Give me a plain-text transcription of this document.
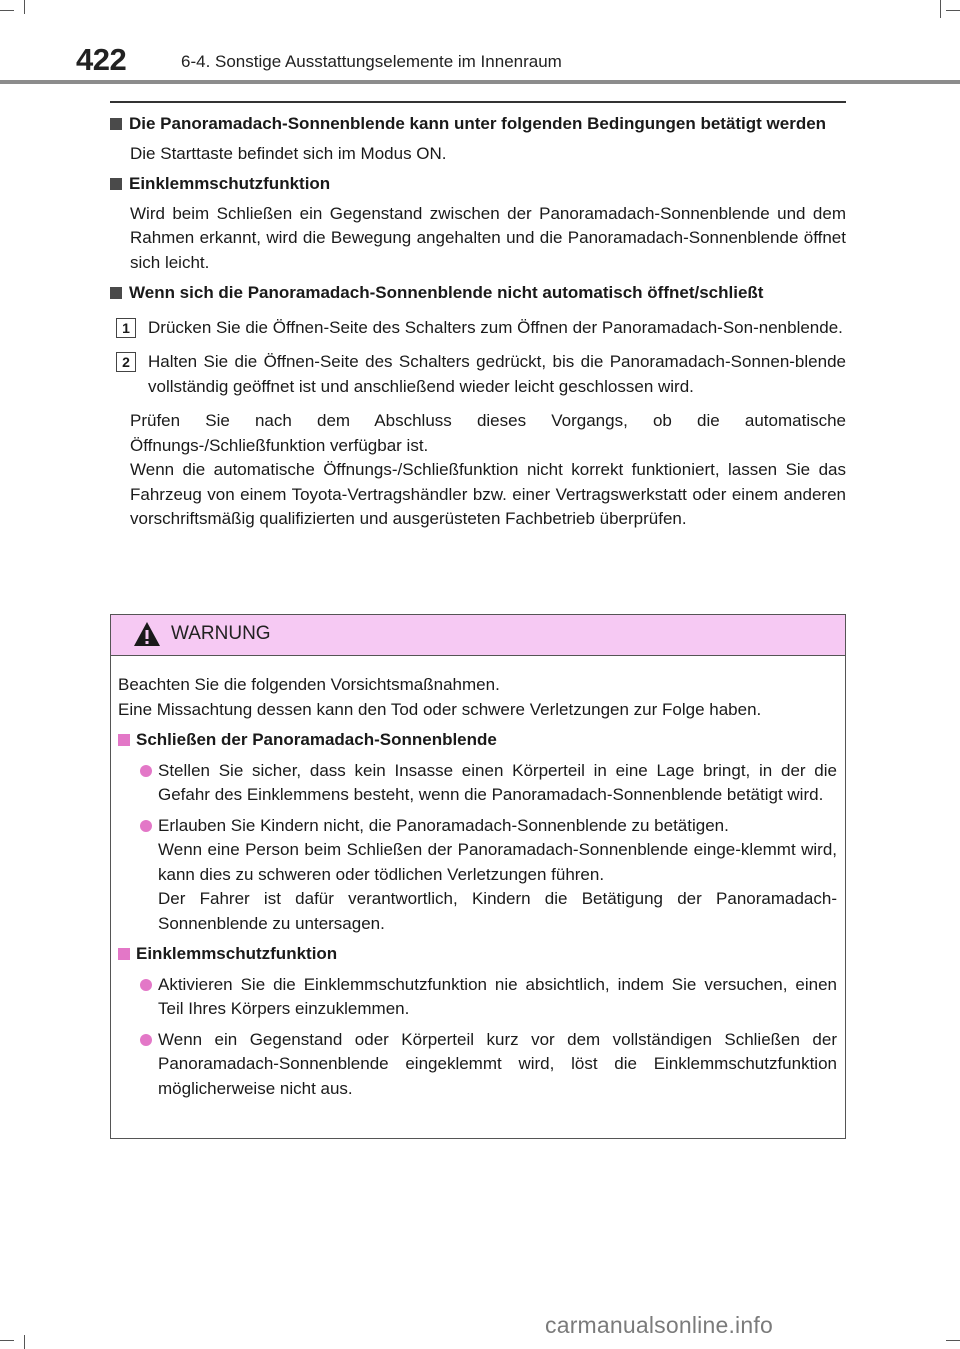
422	6-4. Sonstige Ausstattungselemente im Innenraum
Die Panoramadach-Sonnenblende kann unter folgenden Bedingungen betätigt werden
Die Starttaste befindet sich im Modus ON.
Einklemmschutzfunktion
Wird beim Schließen ein Gegenstand zwischen der Panoramadach-Sonnenblende und dem Rahmen erkannt, wird die Bewegung angehalten und die Panoramadach-Sonnenblende öffnet sich leicht.
Wenn sich die Panoramadach-Sonnenblende nicht automatisch öffnet/schließt
1	Drücken Sie die Öffnen-Seite des Schalters zum Öffnen der Panoramadach-Son-nenblende.
2	Halten Sie die Öffnen-Seite des Schalters gedrückt, bis die Panoramadach-Sonnen-blende vollständig geöffnet ist und anschließend wieder leicht geschlossen wird.
Prüfen Sie nach dem Abschluss dieses Vorgangs, ob die automatische Öffnungs-/Schließfunktion verfügbar ist.
Wenn die automatische Öffnungs-/Schließfunktion nicht korrekt funktioniert, lassen Sie das Fahrzeug von einem Toyota-Vertragshändler bzw. einer Vertragswerkstatt oder einem anderen vorschriftsmäßig qualifizierten und ausgerüsteten Fachbetrieb überprüfen.
WARNUNG
Beachten Sie die folgenden Vorsichtsmaßnahmen.
Eine Missachtung dessen kann den Tod oder schwere Verletzungen zur Folge haben.
Schließen der Panoramadach-Sonnenblende
Stellen Sie sicher, dass kein Insasse einen Körperteil in eine Lage bringt, in der die Gefahr des Einklemmens besteht, wenn die Panoramadach-Sonnenblende betätigt wird.
Erlauben Sie Kindern nicht, die Panoramadach-Sonnenblende zu betätigen.
Wenn eine Person beim Schließen der Panoramadach-Sonnenblende einge-klemmt wird, kann dies zu schweren oder tödlichen Verletzungen führen.
Der Fahrer ist dafür verantwortlich, Kindern die Betätigung der Panoramadach-Sonnenblende zu untersagen.
Einklemmschutzfunktion
Aktivieren Sie die Einklemmschutzfunktion nie absichtlich, indem Sie versuchen, einen Teil Ihres Körpers einzuklemmen.
Wenn ein Gegenstand oder Körperteil kurz vor dem vollständigen Schließen der Panoramadach-Sonnenblende eingeklemmt wird, löst die Einklemmschutzfunktion möglicherweise nicht aus.
carmanualsonline.info
